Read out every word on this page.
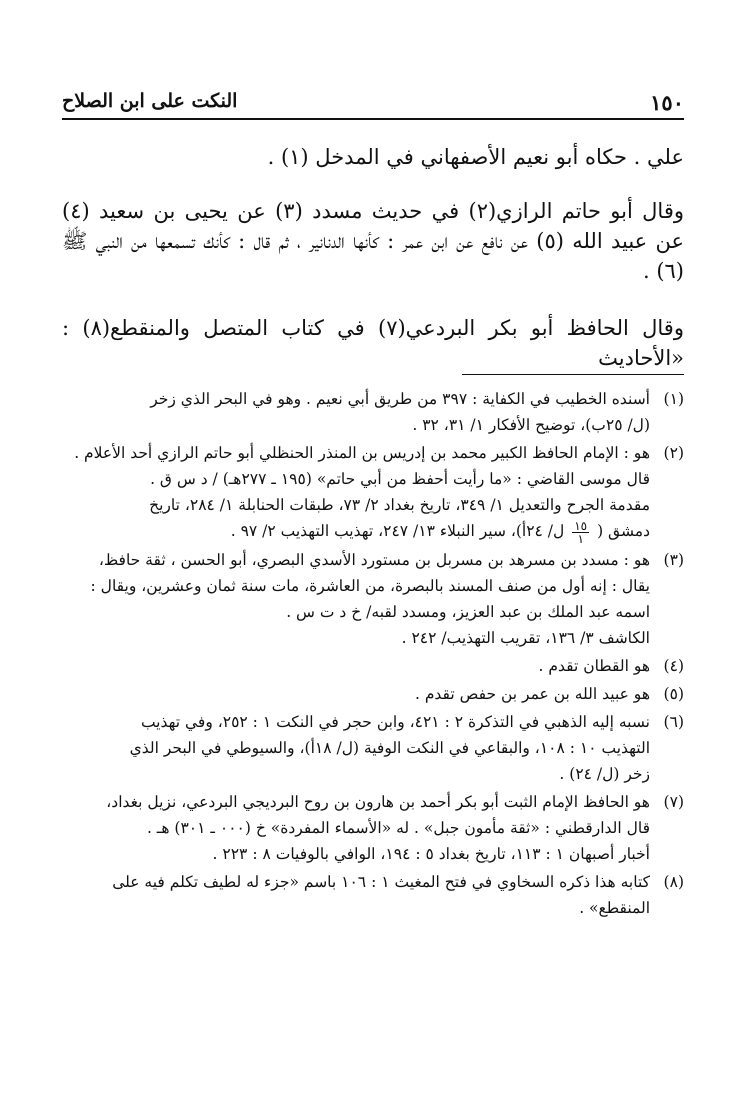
١٥٠
النكت على ابن الصلاح
علي . حكاه أبو نعيم الأصفهاني في المدخل (١) .
وقال أبو حاتم الرازي(٢) في حديث مسدد (٣) عن يحيى بن سعيد (٤) عن عبيد الله (٥) عن نافع عن ابن عمر : كأنها الدنانير ، ثم قال : كأنك تسمعها من النبي ﷺ (٦) .
وقال الحافظ أبو بكر البردعي(٧) في كتاب المتصل والمنقطع(٨) : «الأحاديث
(١)
أسنده الخطيب في الكفاية : ٣٩٧ من طريق أبي نعيم . وهو في البحر الذي زخر
(ل/ ٢٥ب)، توضيح الأفكار ١/ ٣١، ٣٢ .
(٢)
هو : الإمام الحافظ الكبير محمد بن إدريس بن المنذر الحنظلي أبو حاتم الرازي أحد الأعلام .
قال موسى القاضي : «ما رأيت أحفظ من أبي حاتم» (١٩٥ ـ ٢٧٧هـ) / د س ق .
مقدمة الجرح والتعديل ١/ ٣٤٩، تاريخ بغداد ٢/ ٧٣، طبقات الحنابلة ١/ ٢٨٤، تاريخ
دمشق (
$\frac{١٥}{١}$
ل/ ٢٤أ)، سير النبلاء ١٣/ ٢٤٧، تهذيب التهذيب ٢/ ٩٧ .
(٣)
هو : مسدد بن مسرهد بن مسربل بن مستورد الأسدي البصري، أبو الحسن ، ثقة حافظ،
يقال : إنه أول من صنف المسند بالبصرة، من العاشرة، مات سنة ثمان وعشرين، ويقال :
اسمه عبد الملك بن عبد العزيز، ومسدد لقبه/ خ د ت س .
الكاشف ٣/ ١٣٦، تقريب التهذيب/ ٢٤٢ .
(٤)
هو القطان تقدم .
(٥)
هو عبيد الله بن عمر بن حفص تقدم .
(٦)
نسبه إليه الذهبي في التذكرة ٢ : ٤٢١، وابن حجر في النكت ١ : ٢٥٢، وفي تهذيب
التهذيب ١٠ : ١٠٨، والبقاعي في النكت الوفية (ل/ ١٨أ)، والسيوطي في البحر الذي
زخر (ل/ ٢٤) .
(٧)
هو الحافظ الإمام الثبت أبو بكر أحمد بن هارون بن روح البرديجي البردعي، نزيل بغداد،
قال الدارقطني : «ثقة مأمون جبل» . له «الأسماء المفردة» خ (٠٠٠ ـ ٣٠١) هـ .
أخبار أصبهان ١ : ١١٣، تاريخ بغداد ٥ : ١٩٤، الوافي بالوفيات ٨ : ٢٢٣ .
(٨)
كتابه هذا ذكره السخاوي في فتح المغيث ١ : ١٠٦ باسم «جزء له لطيف تكلم فيه على
المنقطع» .
